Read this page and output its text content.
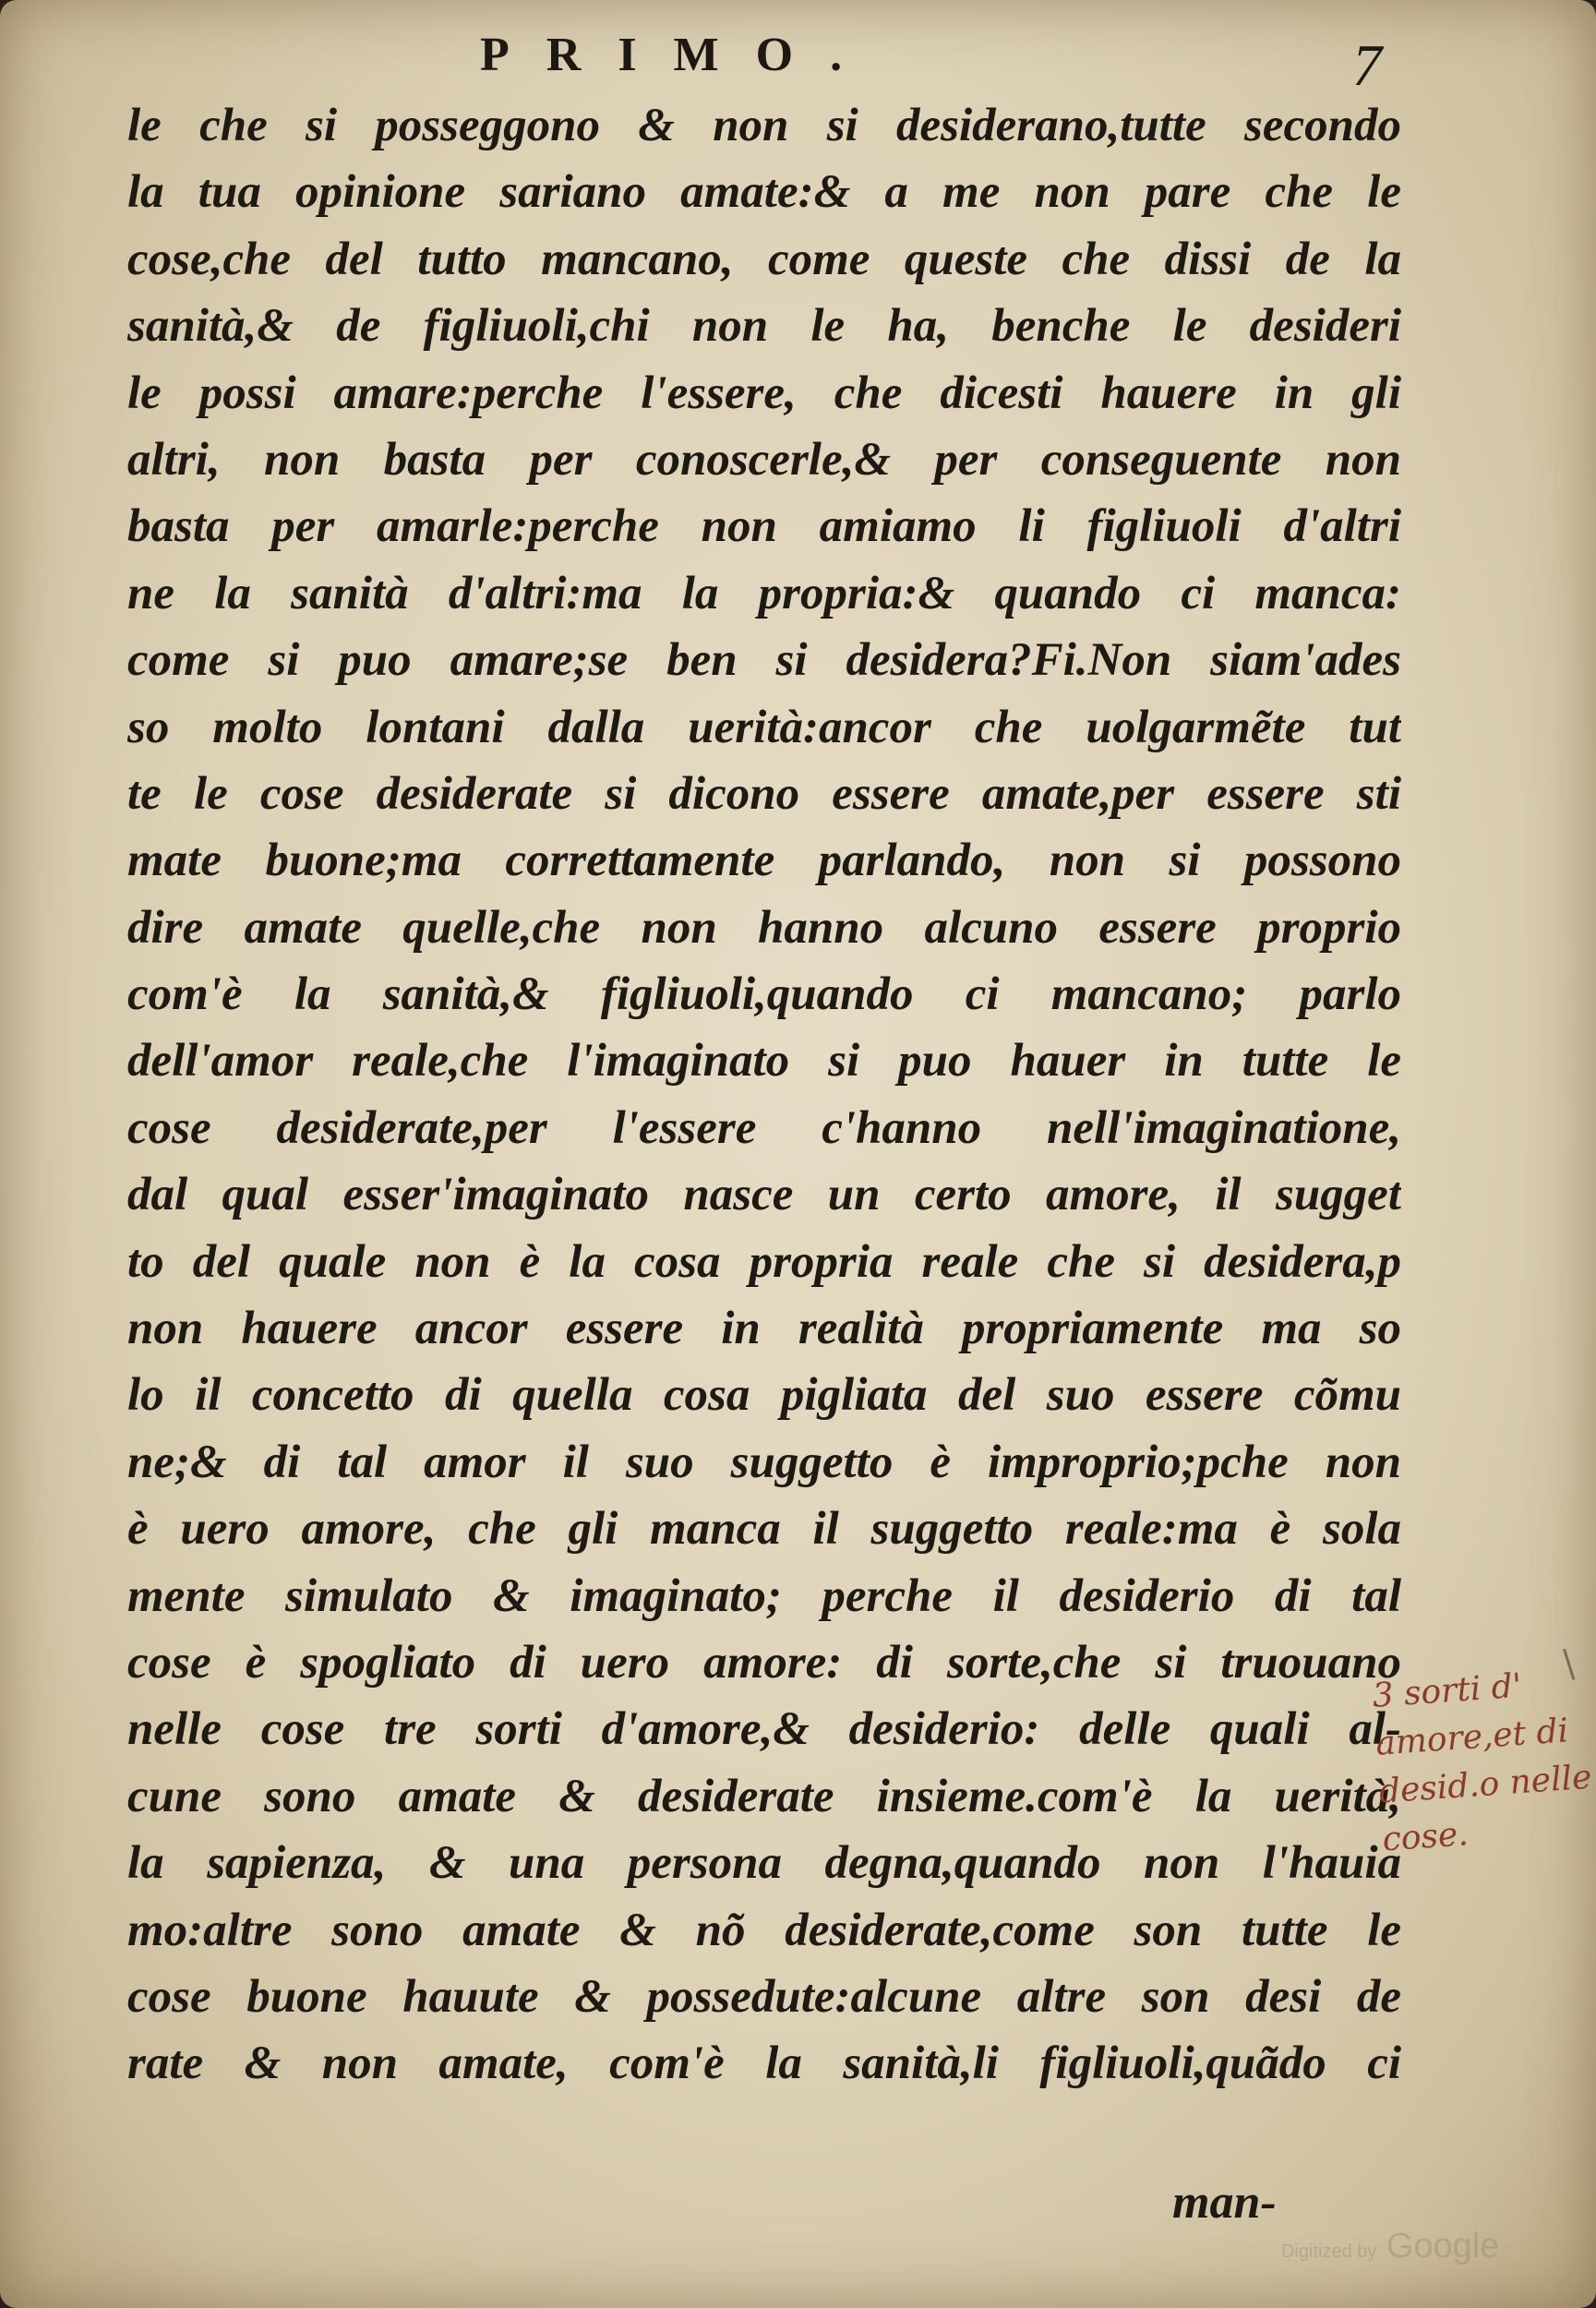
PRIMO.	7
le che si posseggono & non si desiderano,tutte secondo
la tua opinione sariano amate:& a me non pare che le
cose,che del tutto mancano, come queste che dissi de la
sanità,& de figliuoli,chi non le ha, benche le desideri
le possi amare:perche l'essere, che dicesti hauere in gli
altri, non basta per conoscerle,& per conseguente non
basta per amarle:perche non amiamo li figliuoli d'altri
ne la sanità d'altri:ma la propria:& quando ci manca:
come si puo amare;se ben si desidera?Fi.Non siam'ades
so molto lontani dalla uerità:ancor che uolgarmẽte tut
te le cose desiderate si dicono essere amate,per essere sti
mate buone;ma correttamente parlando, non si possono
dire amate quelle,che non hanno alcuno essere proprio
com'è la sanità,& figliuoli,quando ci mancano; parlo
dell'amor reale,che l'imaginato si puo hauer in tutte le
cose desiderate,per l'essere c'hanno nell'imaginatione,
dal qual esser'imaginato nasce un certo amore, il sugget
to del quale non è la cosa propria reale che si desidera,p
non hauere ancor essere in realità propriamente ma so
lo il concetto di quella cosa pigliata del suo essere cõmu
ne;& di tal amor il suo suggetto è improprio;pche non
è uero amore, che gli manca il suggetto reale:ma è sola
mente simulato & imaginato; perche il desiderio di tal
cose è spogliato di uero amore: di sorte,che si truouano
nelle cose tre sorti d'amore,& desiderio: delle quali al-
cune sono amate & desiderate insieme.com'è la uerità,
la sapienza, & una persona degna,quando non l'hauia
mo:altre sono amate & nõ desiderate,come son tutte le
cose buone hauute & possedute:alcune altre son desi de
rate & non amate, com'è la sanità,li figliuoli,quãdo ci
\
3 sorti d'
amore,et di
desid.o nelle
cose.
man-
Digitized by Google
